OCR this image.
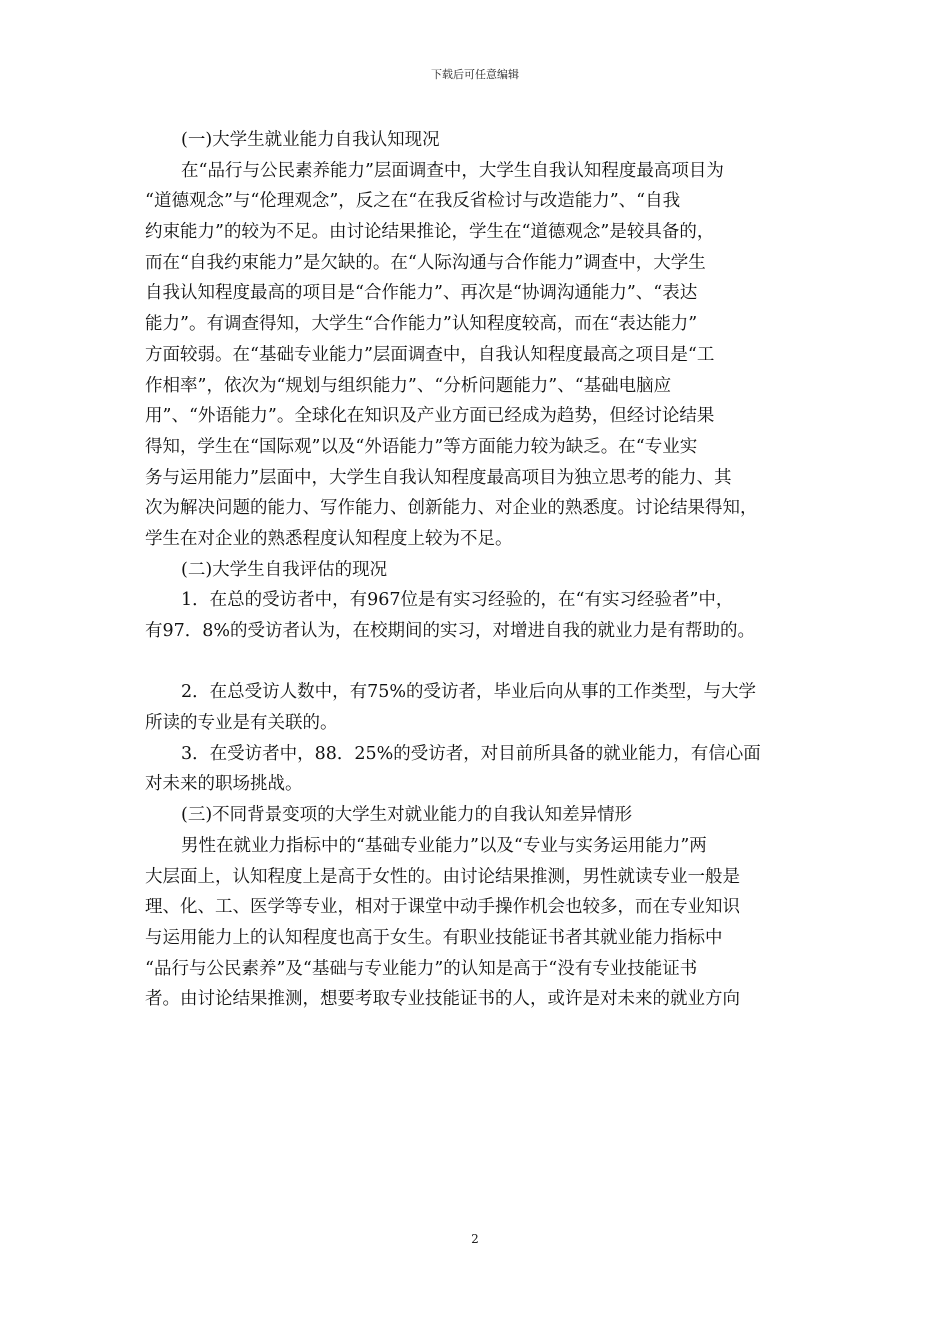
下载后可任意编辑
(一)大学生就业能力自我认知现况
在“品行与公民素养能力”层面调查中，大学生自我认知程度最高项目为
“道德观念”与“伦理观念”，反之在“在我反省检讨与改造能力”、“自我
约束能力”的较为不足。由讨论结果推论，学生在“道德观念”是较具备的，
而在“自我约束能力”是欠缺的。在“人际沟通与合作能力”调查中，大学生
自我认知程度最高的项目是“合作能力”、再次是“协调沟通能力”、“表达
能力”。有调查得知，大学生“合作能力”认知程度较高，而在“表达能力”
方面较弱。在“基础专业能力”层面调查中，自我认知程度最高之项目是“工
作相率”，依次为“规划与组织能力”、“分析问题能力”、“基础电脑应
用”、“外语能力”。全球化在知识及产业方面已经成为趋势，但经讨论结果
得知，学生在“国际观”以及“外语能力”等方面能力较为缺乏。在“专业实
务与运用能力”层面中，大学生自我认知程度最高项目为独立思考的能力、其
次为解决问题的能力、写作能力、创新能力、对企业的熟悉度。讨论结果得知，
学生在对企业的熟悉程度认知程度上较为不足。
(二)大学生自我评估的现况
1．在总的受访者中，有967位是有实习经验的，在“有实习经验者”中，
有97．8%的受访者认为，在校期间的实习，对增进自我的就业力是有帮助的。
2．在总受访人数中，有75%的受访者，毕业后向从事的工作类型，与大学
所读的专业是有关联的。
3．在受访者中，88．25%的受访者，对目前所具备的就业能力，有信心面
对未来的职场挑战。
(三)不同背景变项的大学生对就业能力的自我认知差异情形
男性在就业力指标中的“基础专业能力”以及“专业与实务运用能力”两
大层面上，认知程度上是高于女性的。由讨论结果推测，男性就读专业一般是
理、化、工、医学等专业，相对于课堂中动手操作机会也较多，而在专业知识
与运用能力上的认知程度也高于女生。有职业技能证书者其就业能力指标中
“品行与公民素养”及“基础与专业能力”的认知是高于“没有专业技能证书
者。由讨论结果推测，想要考取专业技能证书的人，或许是对未来的就业方向
2
